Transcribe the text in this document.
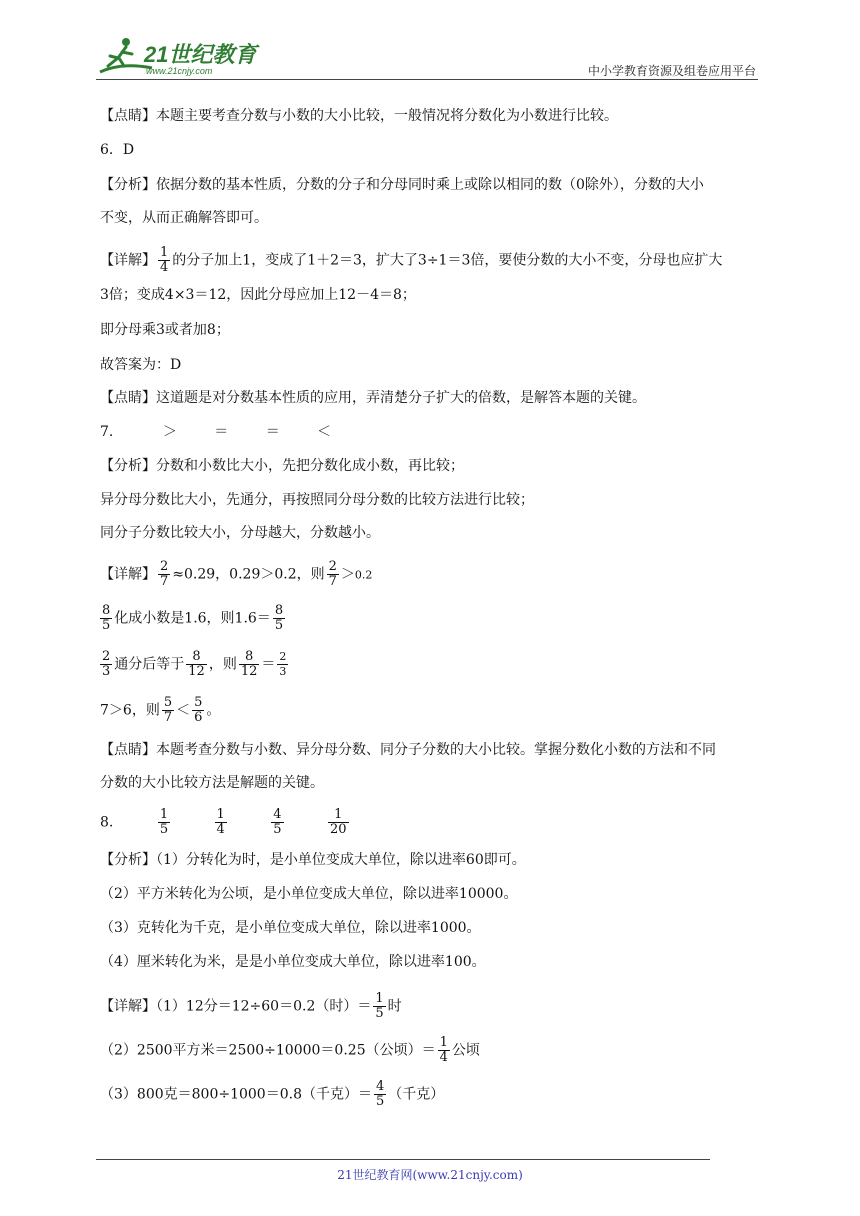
21世纪教育
www.21cnjy.com	中小学教育资源及组卷应用平台
【点睛】本题主要考查分数与小数的大小比较，一般情况将分数化为小数进行比较。
6．D
【分析】依据分数的基本性质，分数的分子和分母同时乘上或除以相同的数（0除外），分数的大小
不变，从而正确解答即可。
【详解】 $\frac{1}{4}$ 的分子加上1，变成了1＋2＝3，扩大了3÷1＝3倍，要使分数的大小不变，分母也应扩大
3倍；变成4×3＝12，因此分母应加上12－4＝8；
即分母乘3或者加8；
故答案为：D
【点睛】这道题是对分数基本性质的应用，弄清楚分子扩大的倍数，是解答本题的关键。
7.	＞	＝	＝	＜
【分析】分数和小数比大小，先把分数化成小数，再比较；
异分母分数比大小，先通分，再按照同分母分数的比较方法进行比较；
同分子分数比较大小，分母越大，分数越小。
【详解】 $\frac{2}{7} \approx 0.29$，0.29＞0.2，则 $\frac{2}{7} >0.2$
$\frac{8}{5}$ 化成小数是1.6，则$1.6= \frac{8}{5}$
$\frac{2}{3}$ 通分后等于 $\frac{8}{12}$ ，则 $\frac{8}{12} = \frac{2}{3}$
7＞6，则 $\frac{5}{7} < \frac{5}{6}$ 。
【点睛】本题考查分数与小数、异分母分数、同分子分数的大小比较。掌握分数化小数的方法和不同
分数的大小比较方法是解题的关键。
8.	$\frac{1}{5}$
	$\frac{1}{4}$
	$\frac{4}{5}$
	$\frac{1}{20}$
【分析】（1）分转化为时，是小单位变成大单位，除以进率60即可。
（2）平方米转化为公顷，是小单位变成大单位，除以进率10000。
（3）克转化为千克，是小单位变成大单位，除以进率1000。
（4）厘米转化为米，是是小单位变成大单位，除以进率100。
【详解】（1）12分＝12÷60＝0.2（时）＝ $\frac{1}{5}$ 时
（2）2500平方米＝2500÷10000＝0.25（公顷）＝ $\frac{1}{4}$ 公顷
（3）800克＝800÷1000＝0.8（千克）＝ $\frac{4}{5}$ （千克）
21世纪教育网(www.21cnjy.com)
